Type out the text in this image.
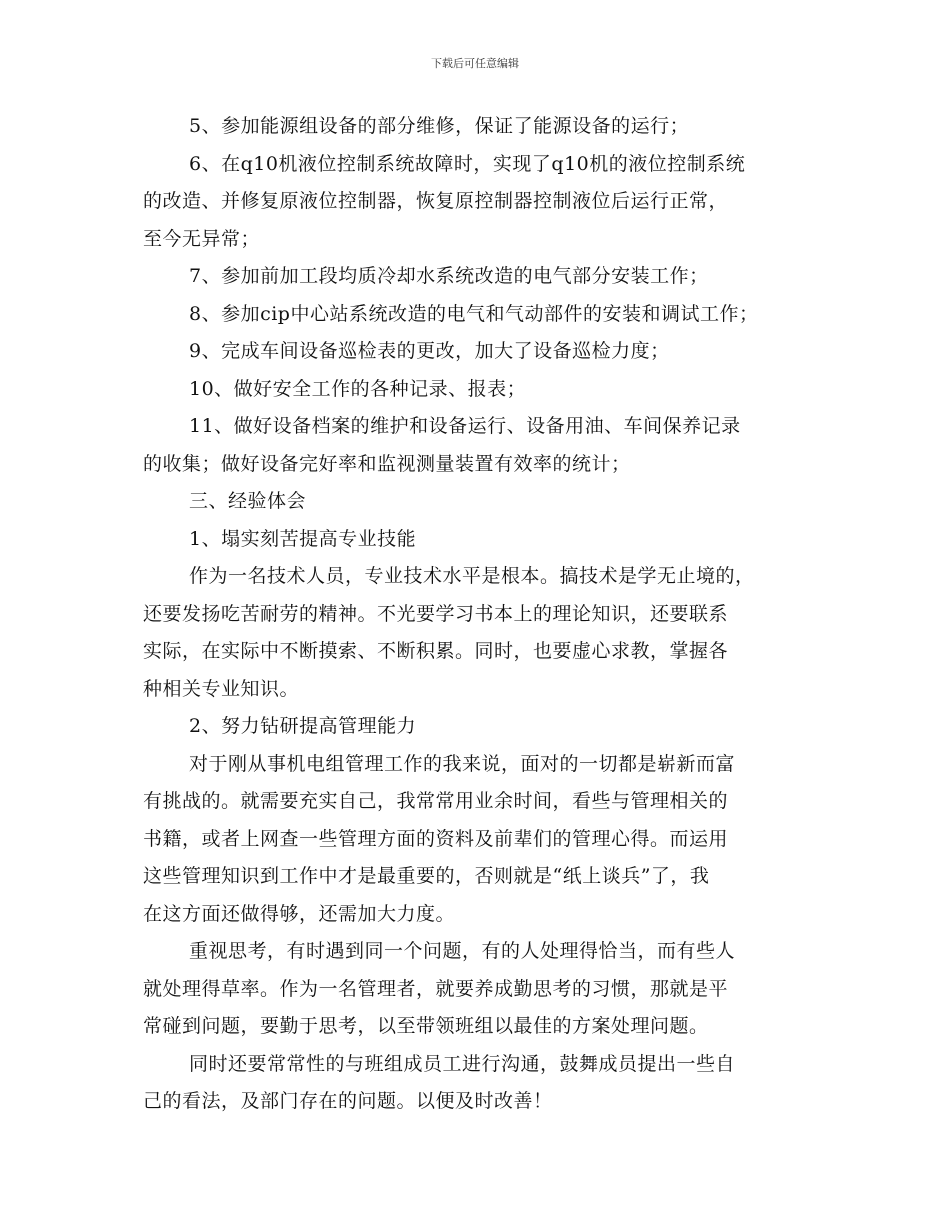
下载后可任意编辑
5、参加能源组设备的部分维修，保证了能源设备的运行；
6、在q10机液位控制系统故障时，实现了q10机的液位控制系统
的改造、并修复原液位控制器，恢复原控制器控制液位后运行正常，
至今无异常；
7、参加前加工段均质冷却水系统改造的电气部分安装工作；
8、参加cip中心站系统改造的电气和气动部件的安装和调试工作；
9、完成车间设备巡检表的更改，加大了设备巡检力度；
10、做好安全工作的各种记录、报表；
11、做好设备档案的维护和设备运行、设备用油、车间保养记录
的收集；做好设备完好率和监视测量装置有效率的统计；
三、经验体会
1、塌实刻苦提高专业技能
作为一名技术人员，专业技术水平是根本。搞技术是学无止境的，
还要发扬吃苦耐劳的精神。不光要学习书本上的理论知识，还要联系
实际，在实际中不断摸索、不断积累。同时，也要虚心求教，掌握各
种相关专业知识。
2、努力钻研提高管理能力
对于刚从事机电组管理工作的我来说，面对的一切都是崭新而富
有挑战的。就需要充实自己，我常常用业余时间，看些与管理相关的
书籍，或者上网查一些管理方面的资料及前辈们的管理心得。而运用
这些管理知识到工作中才是最重要的，否则就是“纸上谈兵”了，我
在这方面还做得够，还需加大力度。
重视思考，有时遇到同一个问题，有的人处理得恰当，而有些人
就处理得草率。作为一名管理者，就要养成勤思考的习惯，那就是平
常碰到问题，要勤于思考，以至带领班组以最佳的方案处理问题。
同时还要常常性的与班组成员工进行沟通，鼓舞成员提出一些自
己的看法，及部门存在的问题。以便及时改善！
